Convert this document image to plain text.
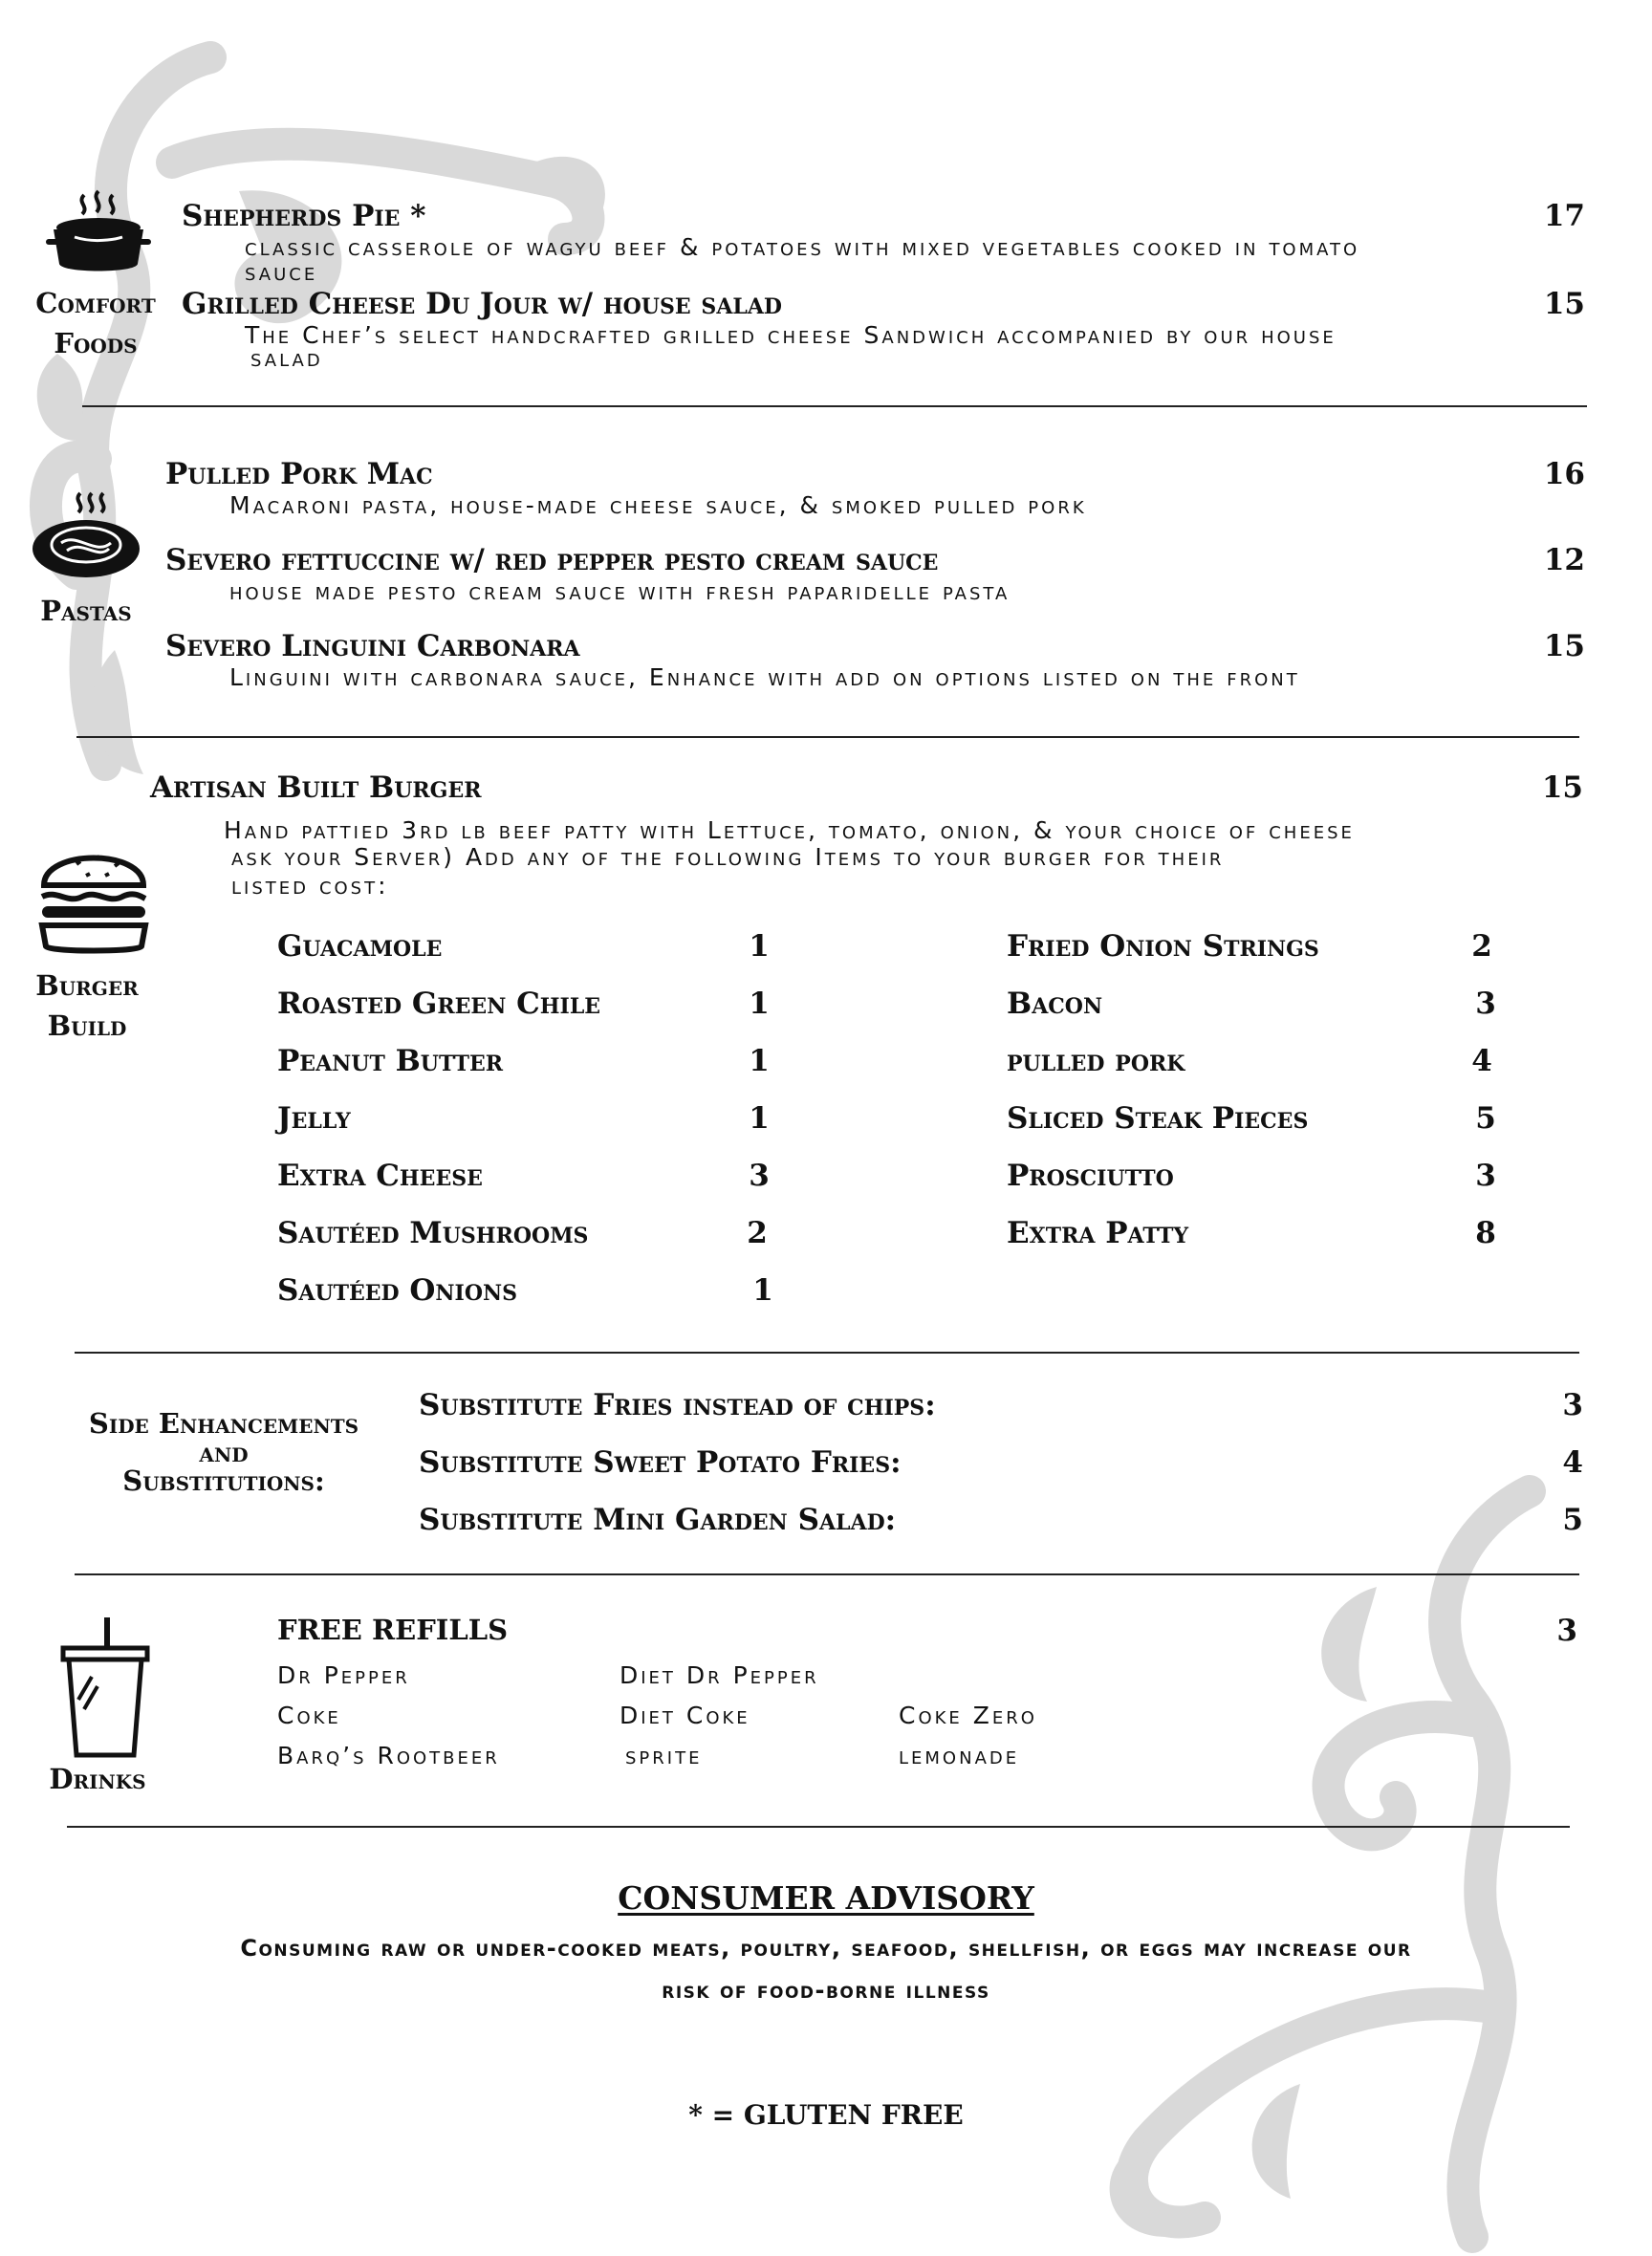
Comfort
Foods
Shepherds Pie *	17
classic casserole of wagyu beef & potatoes with mixed vegetables cooked in tomato
sauce
Grilled Cheese Du Jour w/ house salad	15
The Chef’s select handcrafted grilled cheese Sandwich accompanied by our house
salad
Pastas
Pulled Pork Mac	16
Macaroni pasta, house-made cheese sauce, & smoked pulled pork
Severo fettuccine w/ red pepper pesto cream sauce	12
house made pesto cream sauce with fresh paparidelle pasta
Severo Linguini Carbonara	15
Linguini with carbonara sauce, Enhance with add on options listed on the front
Burger
Build
Artisan Built Burger	15
Hand pattied 3rd lb beef patty with Lettuce, tomato, onion, & your choice of cheese
ask your Server) Add any of the following Items to your burger for their
listed cost:
Guacamole	1
Roasted Green Chile	1
Peanut Butter	1
Jelly	1
Extra Cheese	3
Sautéed Mushrooms	2
Sautéed Onions	1
Fried Onion Strings	2
Bacon	3
pulled pork	4
Sliced Steak Pieces	5
Prosciutto	3
Extra Patty	8
Side Enhancements
and
Substitutions:
Substitute Fries instead of chips:	3
Substitute Sweet Potato Fries:	4
Substitute Mini Garden Salad:	5
Drinks
FREE REFILLS	3
Dr Pepper
Coke
Barq’s Rootbeer
Diet Dr Pepper
Diet Coke
sprite
Coke Zero
lemonade
CONSUMER ADVISORY
Consuming raw or under-cooked meats, poultry, seafood, shellfish, or eggs may increase our
risk of food-borne illness
* = GLUTEN FREE
